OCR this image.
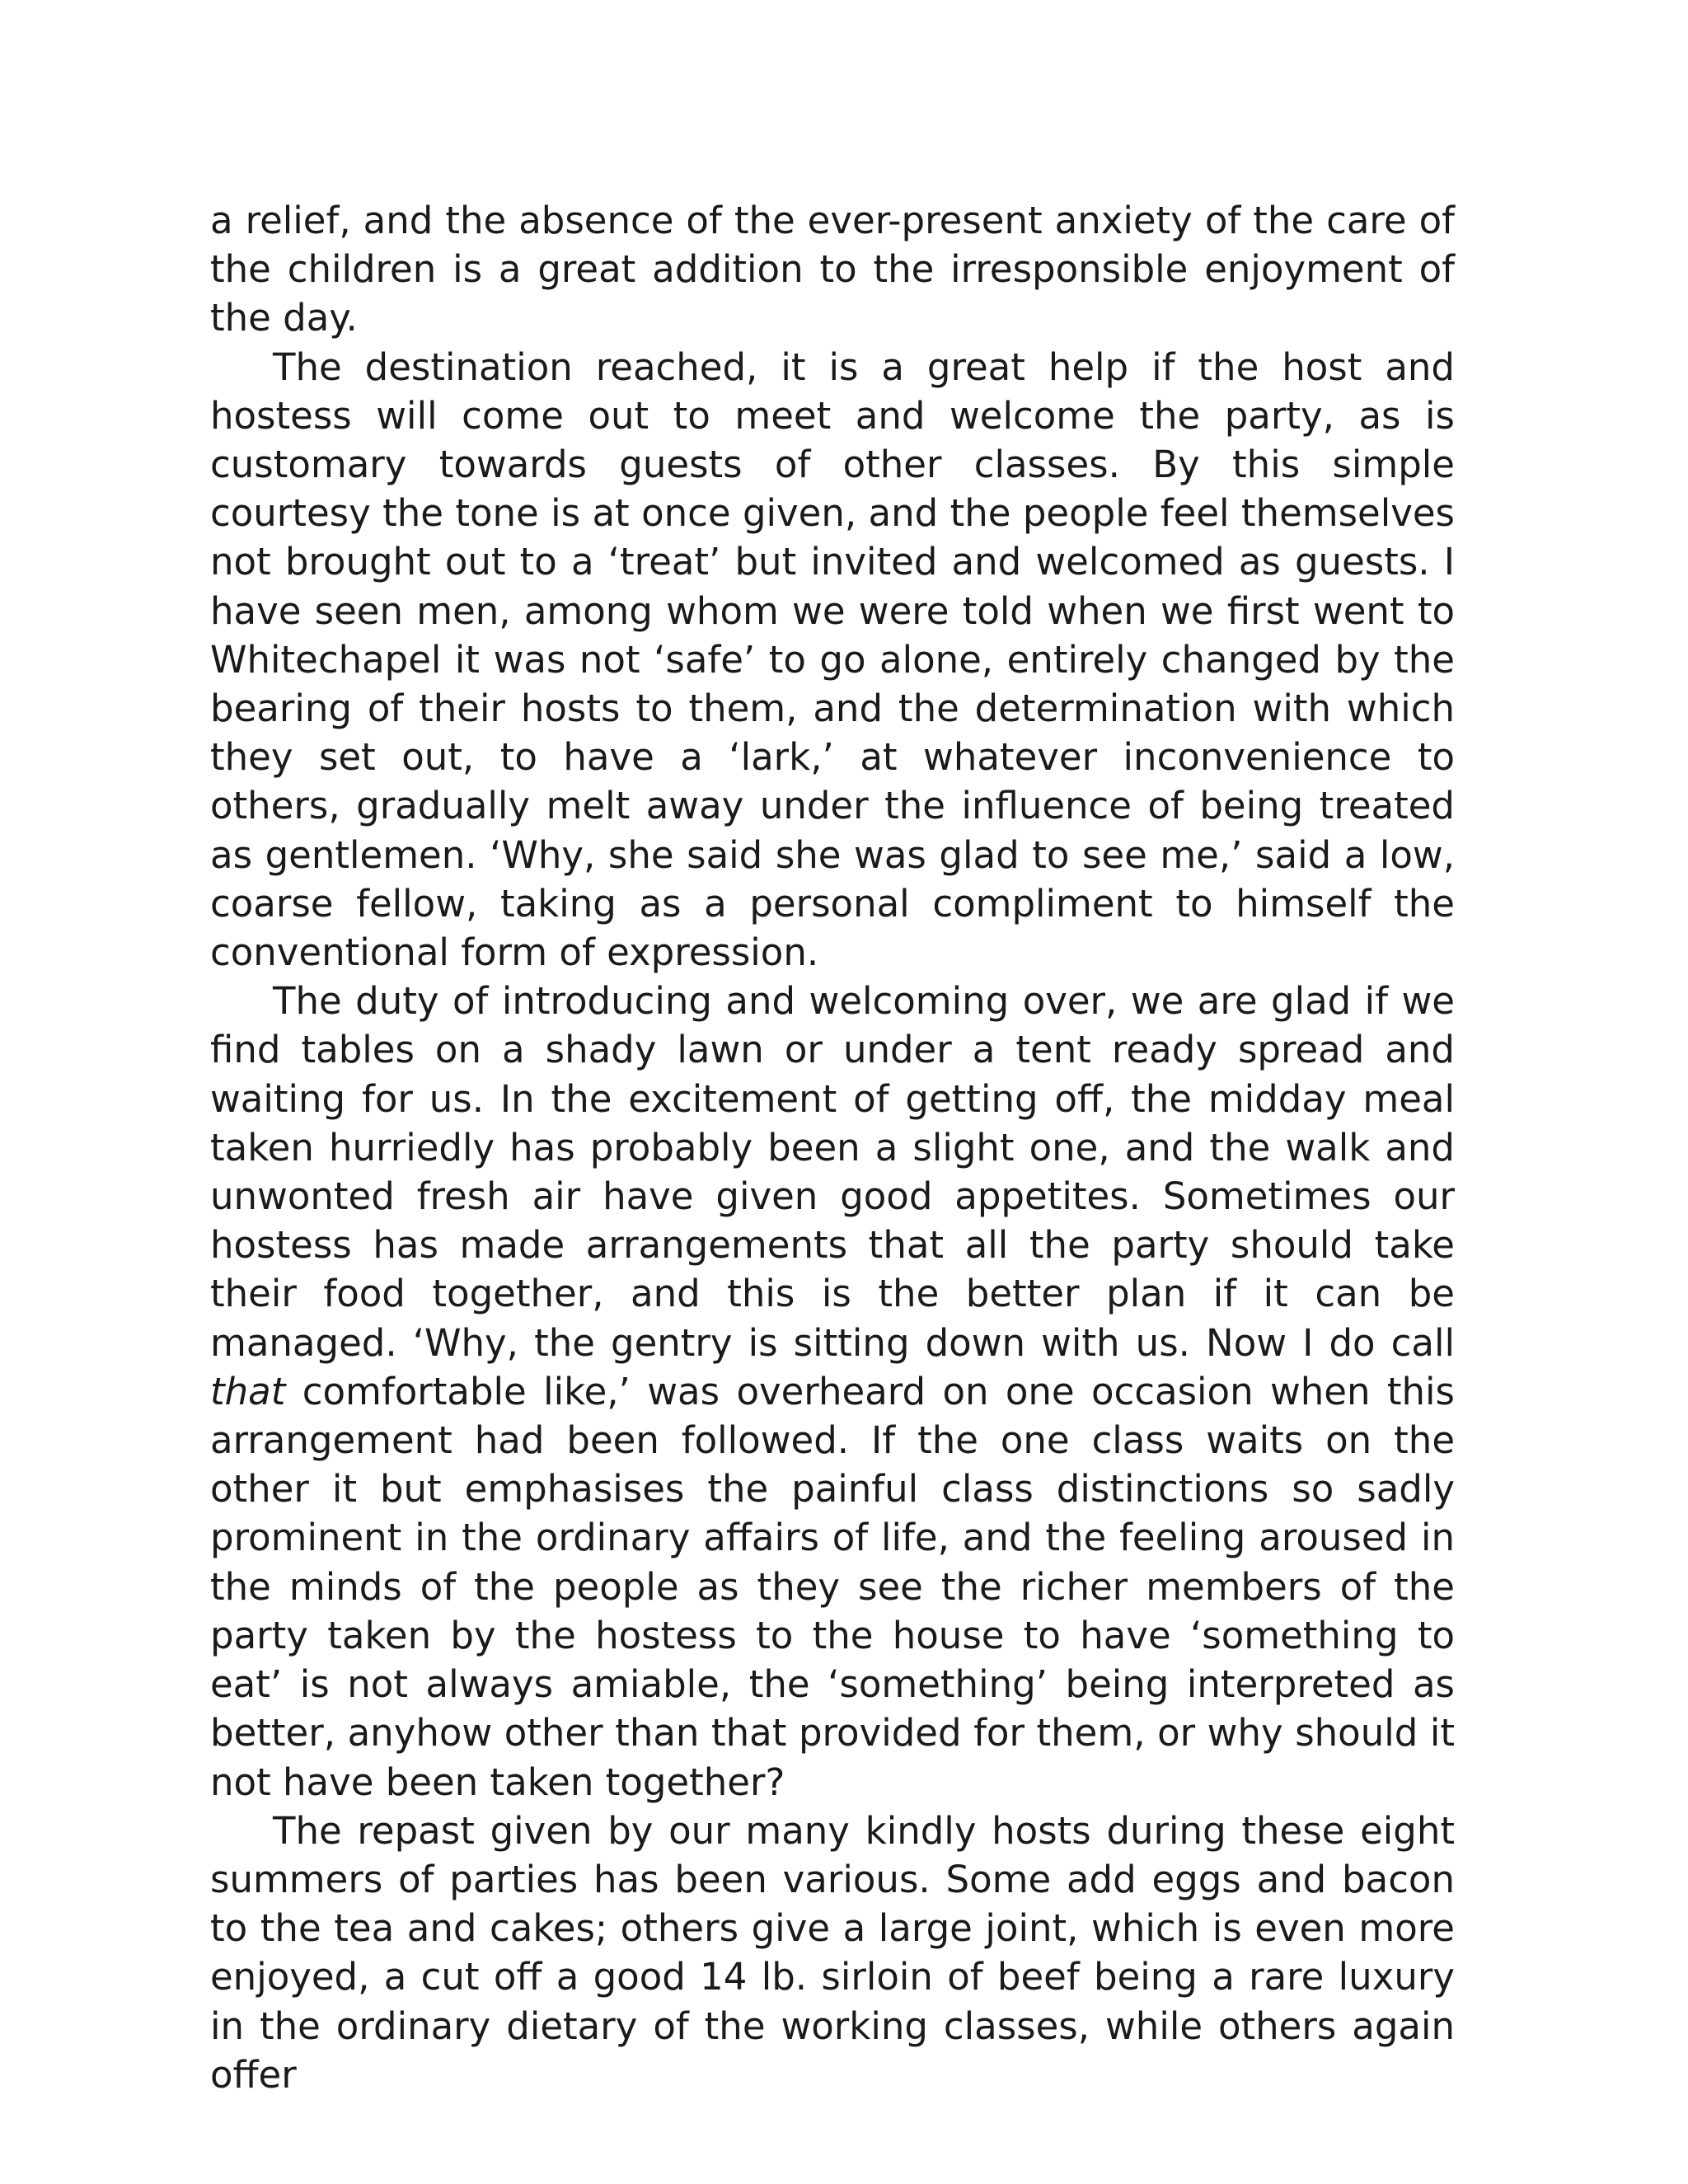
a relief, and the absence of the ever-present anxiety of the care of the children is a great addition to the irresponsible enjoyment of the day.

The destination reached, it is a great help if the host and hostess will come out to meet and welcome the party, as is customary towards guests of other classes. By this simple courtesy the tone is at once given, and the people feel themselves not brought out to a ‘treat’ but invited and welcomed as guests. I have seen men, among whom we were told when we first went to Whitechapel it was not ‘safe’ to go alone, entirely changed by the bearing of their hosts to them, and the determination with which they set out, to have a ‘lark,’ at whatever inconvenience to others, gradually melt away under the influence of being treated as gentlemen. ‘Why, she said she was glad to see me,’ said a low, coarse fellow, taking as a personal compliment to himself the conventional form of expression.

The duty of introducing and welcoming over, we are glad if we find tables on a shady lawn or under a tent ready spread and waiting for us. In the excitement of getting off, the midday meal taken hurriedly has probably been a slight one, and the walk and unwonted fresh air have given good appetites. Sometimes our hostess has made arrangements that all the party should take their food together, and this is the better plan if it can be managed. ‘Why, the gentry is sitting down with us. Now I do call that comfortable like,’ was overheard on one occasion when this arrangement had been followed. If the one class waits on the other it but emphasises the painful class distinctions so sadly prominent in the ordinary affairs of life, and the feeling aroused in the minds of the people as they see the richer members of the party taken by the hostess to the house to have ‘something to eat’ is not always amiable, the ‘something’ being interpreted as better, anyhow other than that provided for them, or why should it not have been taken together?

The repast given by our many kindly hosts during these eight summers of parties has been various. Some add eggs and bacon to the tea and cakes; others give a large joint, which is even more enjoyed, a cut off a good 14 lb. sirloin of beef being a rare luxury in the ordinary dietary of the working classes, while others again offer
